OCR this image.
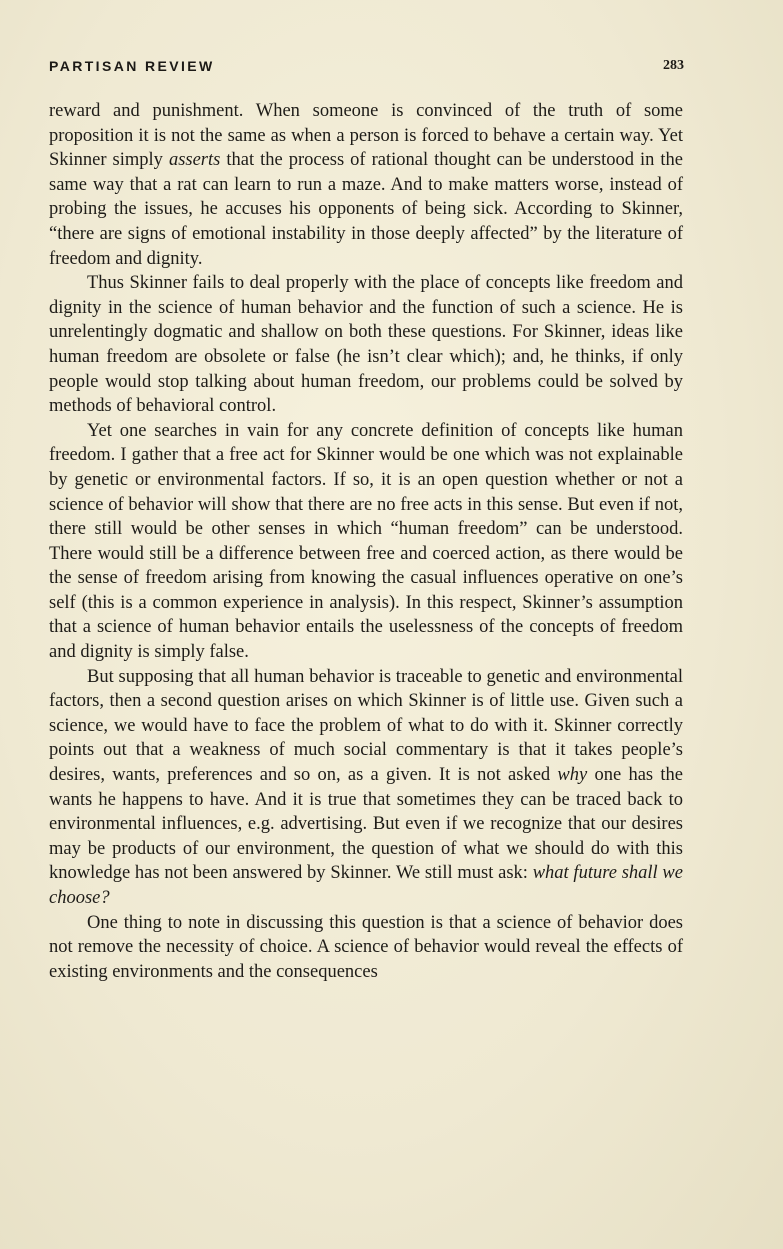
PARTISAN REVIEW	283

reward and punishment. When someone is convinced of the truth of some proposition it is not the same as when a person is forced to behave a certain way. Yet Skinner simply asserts that the process of rational thought can be understood in the same way that a rat can learn to run a maze. And to make matters worse, instead of probing the issues, he accuses his opponents of being sick. According to Skinner, “there are signs of emotional instability in those deeply affected” by the literature of freedom and dignity.

Thus Skinner fails to deal properly with the place of concepts like freedom and dignity in the science of human behavior and the function of such a science. He is unrelentingly dogmatic and shallow on both these questions. For Skinner, ideas like human freedom are obsolete or false (he isn’t clear which); and, he thinks, if only people would stop talking about human freedom, our problems could be solved by methods of behavioral control.

Yet one searches in vain for any concrete definition of concepts like human freedom. I gather that a free act for Skinner would be one which was not explainable by genetic or environmental factors. If so, it is an open question whether or not a science of behavior will show that there are no free acts in this sense. But even if not, there still would be other senses in which “human freedom” can be understood. There would still be a difference between free and coerced action, as there would be the sense of freedom arising from knowing the casual influences operative on one’s self (this is a common experience in analysis). In this respect, Skinner’s assumption that a science of human behavior entails the uselessness of the concepts of freedom and dignity is simply false.

But supposing that all human behavior is traceable to genetic and environmental factors, then a second question arises on which Skinner is of little use. Given such a science, we would have to face the problem of what to do with it. Skinner correctly points out that a weakness of much social commentary is that it takes people’s desires, wants, preferences and so on, as a given. It is not asked why one has the wants he happens to have. And it is true that sometimes they can be traced back to environmental influences, e.g. advertising. But even if we recognize that our desires may be products of our environment, the question of what we should do with this knowledge has not been answered by Skinner. We still must ask: what future shall we choose?

One thing to note in discussing this question is that a science of behavior does not remove the necessity of choice. A science of behavior would reveal the effects of existing environments and the consequences
